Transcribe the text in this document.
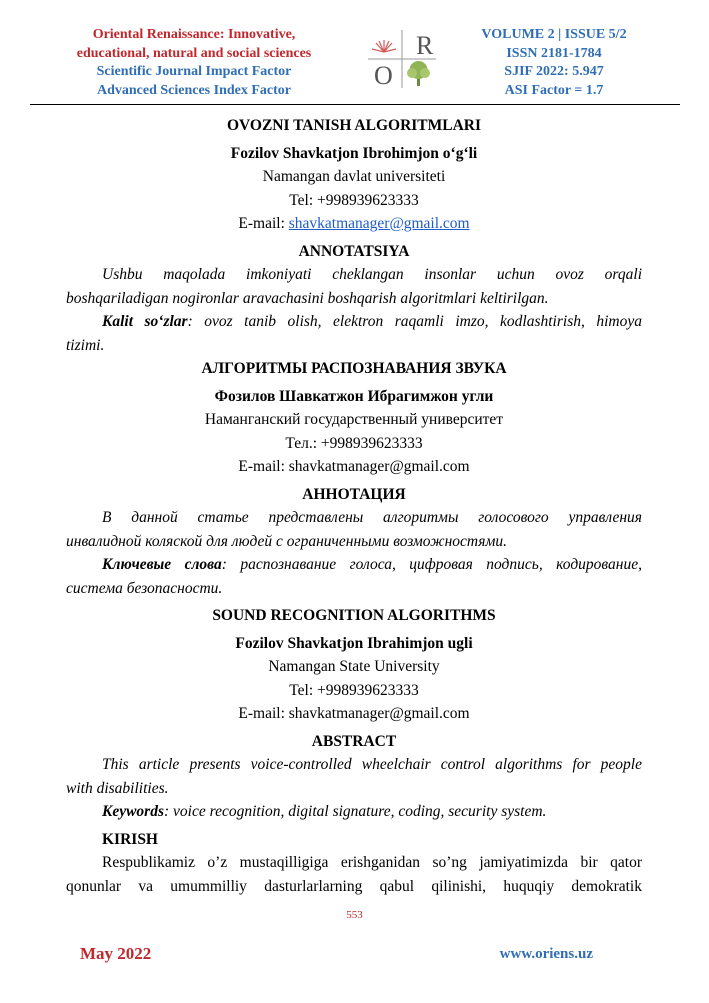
Oriental Renaissance: Innovative,
educational, natural and social sciences
Scientific Journal Impact Factor
Advanced Sciences Index Factor
R
O
VOLUME 2 | ISSUE 5/2
ISSN 2181-1784
SJIF 2022: 5.947
ASI Factor = 1.7
OVOZNI TANISH ALGORITMLARI
Fozilov Shavkatjon Ibrohimjon o‘g‘li
Namangan davlat universiteti
Tel: +998939623333
E-mail: shavkatmanager@gmail.com
ANNOTATSIYA
Ushbu maqolada imkoniyati cheklangan insonlar uchun ovoz orqali
boshqariladigan nogironlar aravachasini boshqarish algoritmlari keltirilgan.
Kalit so‘zlar: ovoz tanib olish, elektron raqamli imzo, kodlashtirish, himoya
tizimi.
АЛГОРИТМЫ РАСПОЗНАВАНИЯ ЗВУКА
Фозилов Шавкатжон Ибрагимжон угли
Наманганский государственный университет
Тел.: +998939623333
E-mail: shavkatmanager@gmail.com
АННОТАЦИЯ
В данной статье представлены алгоритмы голосового управления
инвалидной коляской для людей с ограниченными возможностями.
Ключевые слова: распознавание голоса, цифровая подпись, кодирование,
система безопасности.
SOUND RECOGNITION ALGORITHMS
Fozilov Shavkatjon Ibrahimjon ugli
Namangan State University
Tel: +998939623333
E-mail: shavkatmanager@gmail.com
ABSTRACT
This article presents voice-controlled wheelchair control algorithms for people
with disabilities.
Keywords: voice recognition, digital signature, coding, security system.
KIRISH
Respublikamiz o’z mustaqilligiga erishganidan so’ng jamiyatimizda bir qator
qonunlar va umummilliy dasturlarlarning qabul qilinishi, huquqiy demokratik
553
May 2022	www.oriens.uz
